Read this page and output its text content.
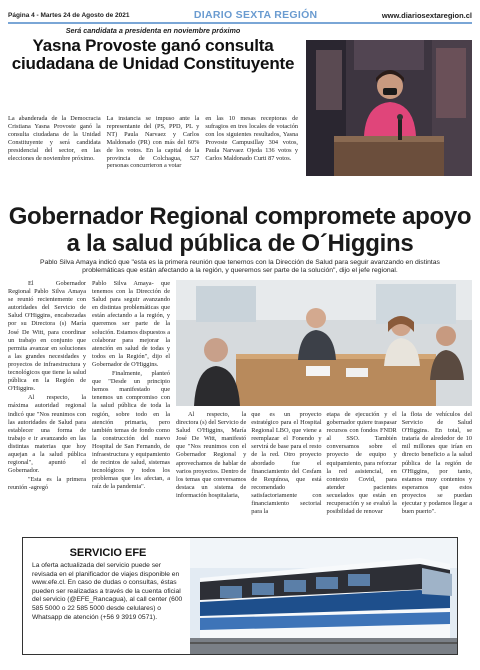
Página 4 - Martes 24 de Agosto de 2021	DIARIO SEXTA REGIÓN	www.diariosextaregion.cl
Será candidata a presidenta en noviembre próximo
Yasna Provoste ganó consulta ciudadana de Unidad Constituyente
La abanderada de la Democracia Cristiana Yasna Provoste ganó la consulta ciudadana de la Unidad Constituyente y será candidata presidencial del sector, en las elecciones de noviembre próximo.
La instancia se impuso ante la representante del (PS, PPD, PL y NT) Paula Narvaez y Carlos Maldonado (PR) con más del 60% de los votos. En la capital de la provincia de Colchagua, 527 personas concurrieron a votar
en las 10 mesas receptoras de sufragios en tres locales de votación con los siguientes resultados, Yasna Provoste Campusillay 304 votos, Paula Narvaez Ojeda 136 votos y Carlos Maldonado Curti 87 votos.
Gobernador Regional compromete apoyo a la salud pública de O´Higgins
Pablo Silva Amaya indicó que "esta es la primera reunión que tenemos con la Dirección de Salud para seguir avanzando en distintas problemáticas que están afectando a la región, y queremos ser parte de la solución", dijo el jefe regional.

El Gobernador Regional Pablo Silva Amaya se reunió recientemente con autoridades del Servicio de Salud O'Higgins, encabezadas por su Directora (s) María José De Witt, para coordinar un trabajo en conjunto que permita avanzar en soluciones a las grandes necesidades y proyectos de infraestructura y tecnológicos que tiene la salud pública en la Región de O'Higgins.

Al respecto, la máxima autoridad regional indicó que "Nos reunimos con las autoridades de Salud para establecer una forma de trabajo e ir avanzando en las distintas materias que hoy aquejan a la salud pública regional", apuntó el Gobernador.

"Esta es la primera reunión -agregó

Pablo Silva Amaya- que tenemos con la Dirección de Salud para seguir avanzando en distintas problemáticas que están afectando a la región, y queremos ser parte de la solución. Estamos dispuestos a colaborar para mejorar la atención en salud de todas y todos en la Región", dijo el Gobernador de O'Higgins.

Finalmente, planteó que "Desde un principio hemos manifestado que tenemos un compromiso con la salud pública de toda la región, sobre todo en la atención primaria, pero también temas de fondo como la construcción del nuevo Hospital de San Fernando, de infraestructura y equipamiento de recintos de salud, sistemas tecnológicos y todos los problemas que les afectan, a raíz de la pandemia".

Al respecto, la directora (s) del Servicio de Salud O'Higgins, María José De Witt, manifestó que "Nos reunimos con el Gobernador Regional y aprovechamos de hablar de varios proyectos. Dentro de los temas que conversamos destaca un sistema de información hospitalaria,

que es un proyecto estratégico para el Hospital Regional LBO, que viene a reemplazar el Fonendo y servirá de base para el resto de la red. Otro proyecto abordado fue el financiamiento del Cesfam de Requínoa, que está recomendado satisfactoriamente con financiamiento sectorial para la

etapa de ejecución y el gobernador quiere traspasar recursos con fondos FNDR al SSO. También conversamos sobre el proyecto de equipo y equipamiento, para reforzar la red asistencial, en contexto Covid, para atender pacientes secuelados que están en recuperación y se evaluó la posibilidad de renovar

la flota de vehículos del Servicio de Salud O'Higgins. En total, se trataría de alrededor de 10 mil millones que irían en directo beneficio a la salud pública de la región de O'Higgins, por tanto, estamos muy contentos y esperamos que estos proyectos se puedan ejecutar y podamos llegar a buen puerto".

SERVICIO EFE
La oferta actualizada del servicio puede ser revisada en el planificador de viajes disponible en www.efe.cl. En caso de dudas o consultas, éstas pueden ser realizadas a través de la cuenta oficial del servicio (@EFE_Rancagua), al call center (600 585 5000 o 22 585 5000 desde celulares) o Whatsapp de atención (+56 9 3919 0571).
